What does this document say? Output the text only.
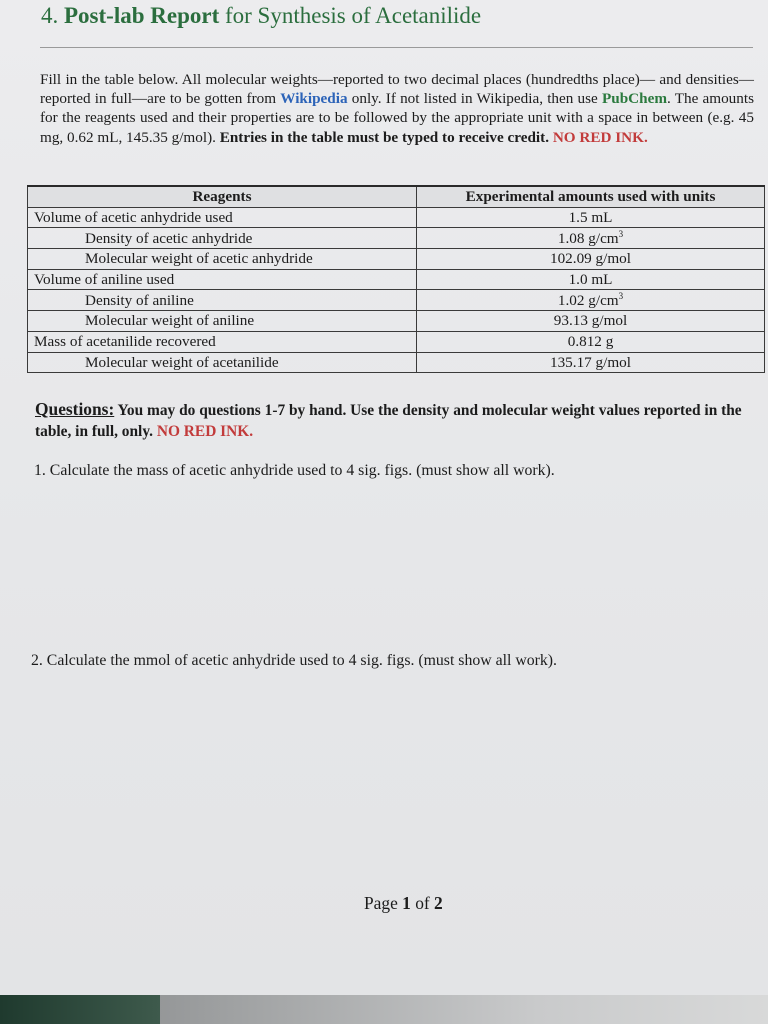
4. Post-lab Report for Synthesis of Acetanilide
Fill in the table below. All molecular weights—reported to two decimal places (hundredths place)— and densities—reported in full—are to be gotten from Wikipedia only. If not listed in Wikipedia, then use PubChem. The amounts for the reagents used and their properties are to be followed by the appropriate unit with a space in between (e.g. 45 mg, 0.62 mL, 145.35 g/mol). Entries in the table must be typed to receive credit. NO RED INK.
Reagents	Experimental amounts used with units
Volume of acetic anhydride used	1.5 mL
Density of acetic anhydride	1.08 $g/cm^3$
Molecular weight of acetic anhydride	102.09 g/mol
Volume of aniline used	1.0 mL
Density of aniline	1.02 $g/cm^3$
Molecular weight of aniline	93.13 g/mol
Mass of acetanilide recovered	0.812 g
Molecular weight of acetanilide	135.17 g/mol
Questions: You may do questions 1-7 by hand. Use the density and molecular weight values reported in the table, in full, only. NO RED INK.
1. Calculate the mass of acetic anhydride used to 4 sig. figs. (must show all work).
2. Calculate the mmol of acetic anhydride used to 4 sig. figs. (must show all work).
Page 1 of 2
